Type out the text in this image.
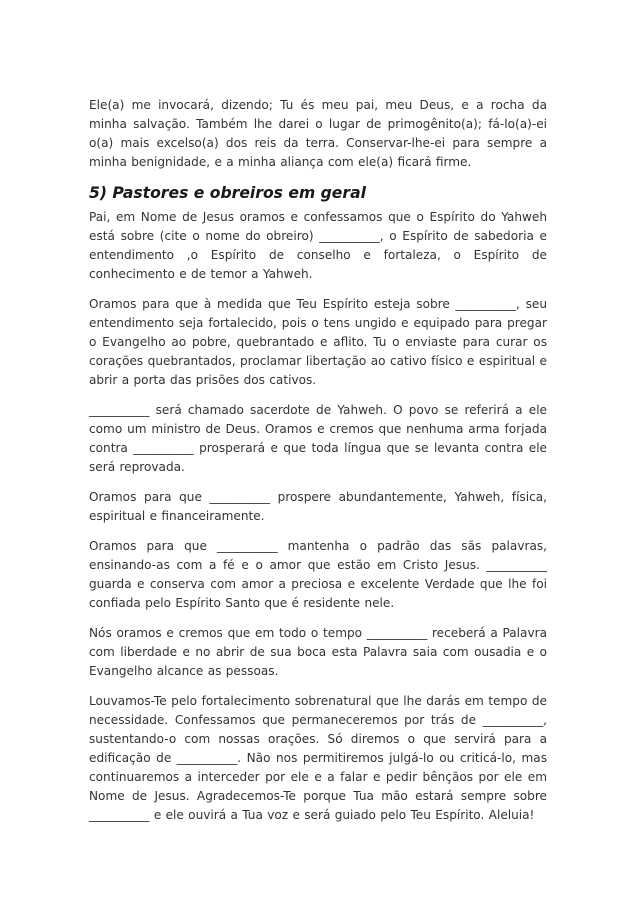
Ele(a) me invocará, dizendo; Tu és meu pai, meu Deus, e a rocha da minha salvação. Também lhe darei o lugar de primogênito(a); fá-lo(a)-ei o(a) mais excelso(a) dos reis da terra. Conservar-lhe-ei para sempre a minha benignidade, e a minha aliança com ele(a) ficará firme.

5) Pastores e obreiros em geral

Pai, em Nome de Jesus oramos e confessamos que o Espírito do Yahweh está sobre (cite o nome do obreiro) __________, o Espírito de sabedoria e entendimento ,o Espírito de conselho e fortaleza, o Espírito de conhecimento e de temor a Yahweh.

Oramos para que à medida que Teu Espírito esteja sobre __________, seu entendimento seja fortalecido, pois o tens ungido e equipado para pregar o Evangelho ao pobre, quebrantado e aflito. Tu o enviaste para curar os corações quebrantados, proclamar libertação ao cativo físico e espiritual e abrir a porta das prisões dos cativos.

__________ será chamado sacerdote de Yahweh. O povo se referirá a ele como um ministro de Deus. Oramos e cremos que nenhuma arma forjada contra __________ prosperará e que toda língua que se levanta contra ele será reprovada.

Oramos para que __________ prospere abundantemente, Yahweh, física, espiritual e financeiramente.

Oramos para que __________ mantenha o padrão das sãs palavras, ensinando-as com a fé e o amor que estão em Cristo Jesus. __________ guarda e conserva com amor a preciosa e excelente Verdade que lhe foi confiada pelo Espírito Santo que é residente nele.

Nós oramos e cremos que em todo o tempo __________ receberá a Palavra com liberdade e no abrir de sua boca esta Palavra saia com ousadia e o Evangelho alcance as pessoas.

Louvamos-Te pelo fortalecimento sobrenatural que lhe darás em tempo de necessidade. Confessamos que permaneceremos por trás de __________, sustentando-o com nossas orações. Só diremos o que servirá para a edificação de __________. Não nos permitiremos julgá-lo ou criticá-lo, mas continuaremos a interceder por ele e a falar e pedir bênçãos por ele em Nome de Jesus. Agradecemos-Te porque Tua mão estará sempre sobre __________ e ele ouvirá a Tua voz e será guiado pelo Teu Espírito. Aleluia!
